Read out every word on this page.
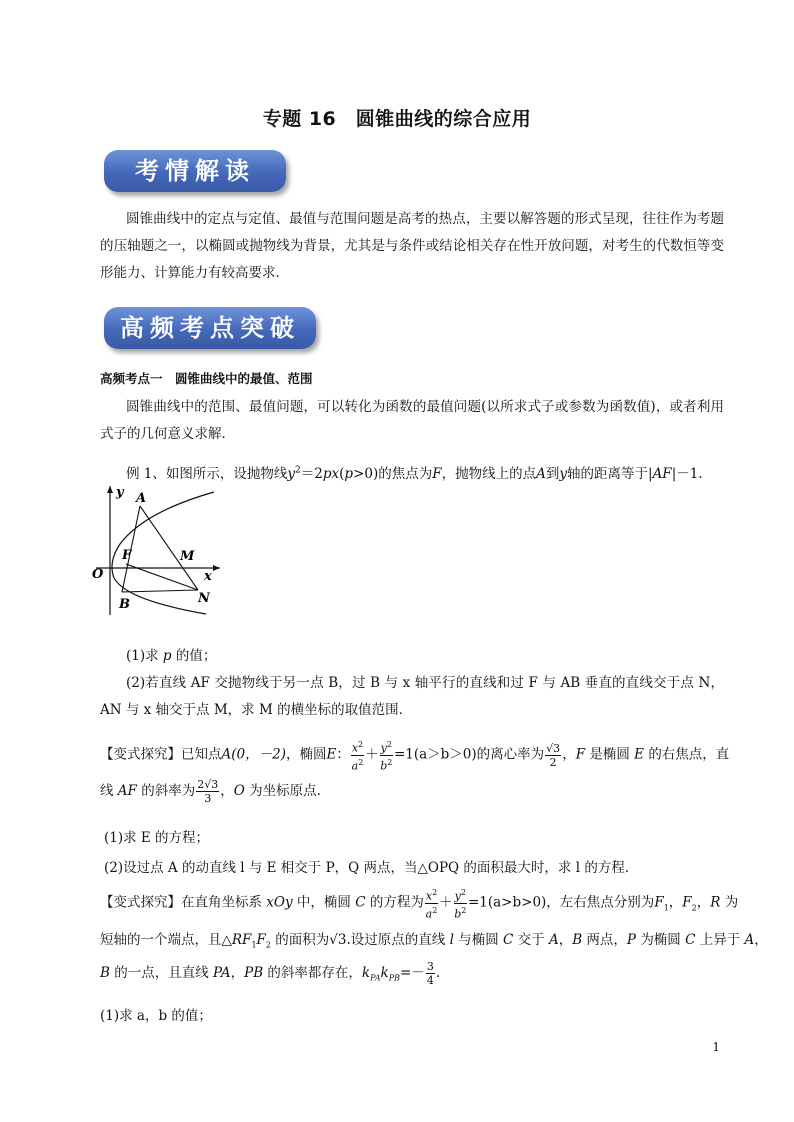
专题 16　圆锥曲线的综合应用
考情解读
圆锥曲线中的定点与定值、最值与范围问题是高考的热点，主要以解答题的形式呈现，往往作为考题的压轴题之一，以椭圆或抛物线为背景，尤其是与条件或结论相关存在性开放问题，对考生的代数恒等变形能力、计算能力有较高要求．
高频考点突破
高频考点一　圆锥曲线中的最值、范围
圆锥曲线中的范围、最值问题，可以转化为函数的最值问题(以所求式子或参数为函数值)，或者利用式子的几何意义求解．
例 1、如图所示，设抛物线$y^2=2px(p>0)$的焦点为F，抛物线上的点A到y轴的距离等于|AF|－1．
y
x
O
A
B
F	M
N
(1)求 p 的值；
(2)若直线 AF 交抛物线于另一点 B，过 B 与 x 轴平行的直线和过 F 与 AB 垂直的直线交于点 N，AN 与 x 轴交于点 M，求 M 的横坐标的取值范围．
【变式探究】已知点A(0，－2)，椭圆E： $\frac{x^2}{a^2} + \frac{y^2}{b^2} =1(a>b>0)$的离心率为 $\frac{√3}{2}$ ，F 是椭圆 E 的右焦点，直
线 AF 的斜率为 $\frac{2√3}{3}$ ，O 为坐标原点．
(1)求 E 的方程；
(2)设过点 A 的动直线 l 与 E 相交于 P，Q 两点，当△OPQ 的面积最大时，求 l 的方程．
【变式探究】在直角坐标系 xOy 中，椭圆 C 的方程为 $\frac{x^2}{a^2} + \frac{y^2}{b^2} =1(a>b>0)$，左右焦点分别为$F_1$，$F_2$，R 为
短轴的一个端点，且$\triangle RF_1F_2$ 的面积为√3.设过原点的直线 l 与椭圆 C 交于 A，B 两点，P 为椭圆 C 上异于 A，
B 的一点，且直线 PA，PB 的斜率都存在，$k_{PA}k_{PB}=- \frac{3}{4}$ .
(1)求 a，b 的值；
1
